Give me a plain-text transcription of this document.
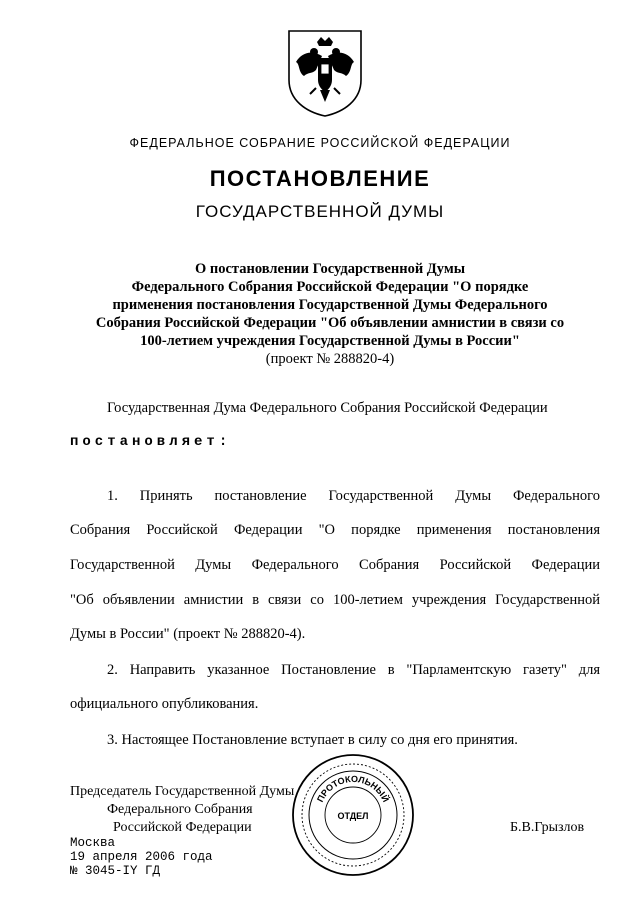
ФЕДЕРАЛЬНОЕ СОБРАНИЕ РОССИЙСКОЙ ФЕДЕРАЦИИ
ПОСТАНОВЛЕНИЕ
ГОСУДАРСТВЕННОЙ ДУМЫ
О постановлении Государственной Думы
Федерального Собрания Российской Федерации "О порядке
применения постановления Государственной Думы Федерального
Собрания Российской Федерации "Об объявлении амнистии в связи со
100-летием учреждения Государственной Думы в России"
(проект № 288820-4)
Государственная Дума Федерального Собрания Российской Федерации
постановляет:
1. Принять постановление Государственной Думы Федерального
Собрания Российской Федерации "О порядке применения постановления
Государственной Думы Федерального Собрания Российской Федерации
"Об объявлении амнистии в связи со 100-летием учреждения Государственной
Думы в России" (проект № 288820-4).
2. Направить указанное Постановление в "Парламентскую газету" для
официального опубликования.
3. Настоящее Постановление вступает в силу со дня его принятия.
Председатель Государственной Думы
Федерального Собрания
Российской Федерации	Б.В.Грызлов
Москва
19 апреля 2006 года
№ 3045-IY ГД
ПРОТОКОЛЬНЫЙ
ОТДЕЛ
